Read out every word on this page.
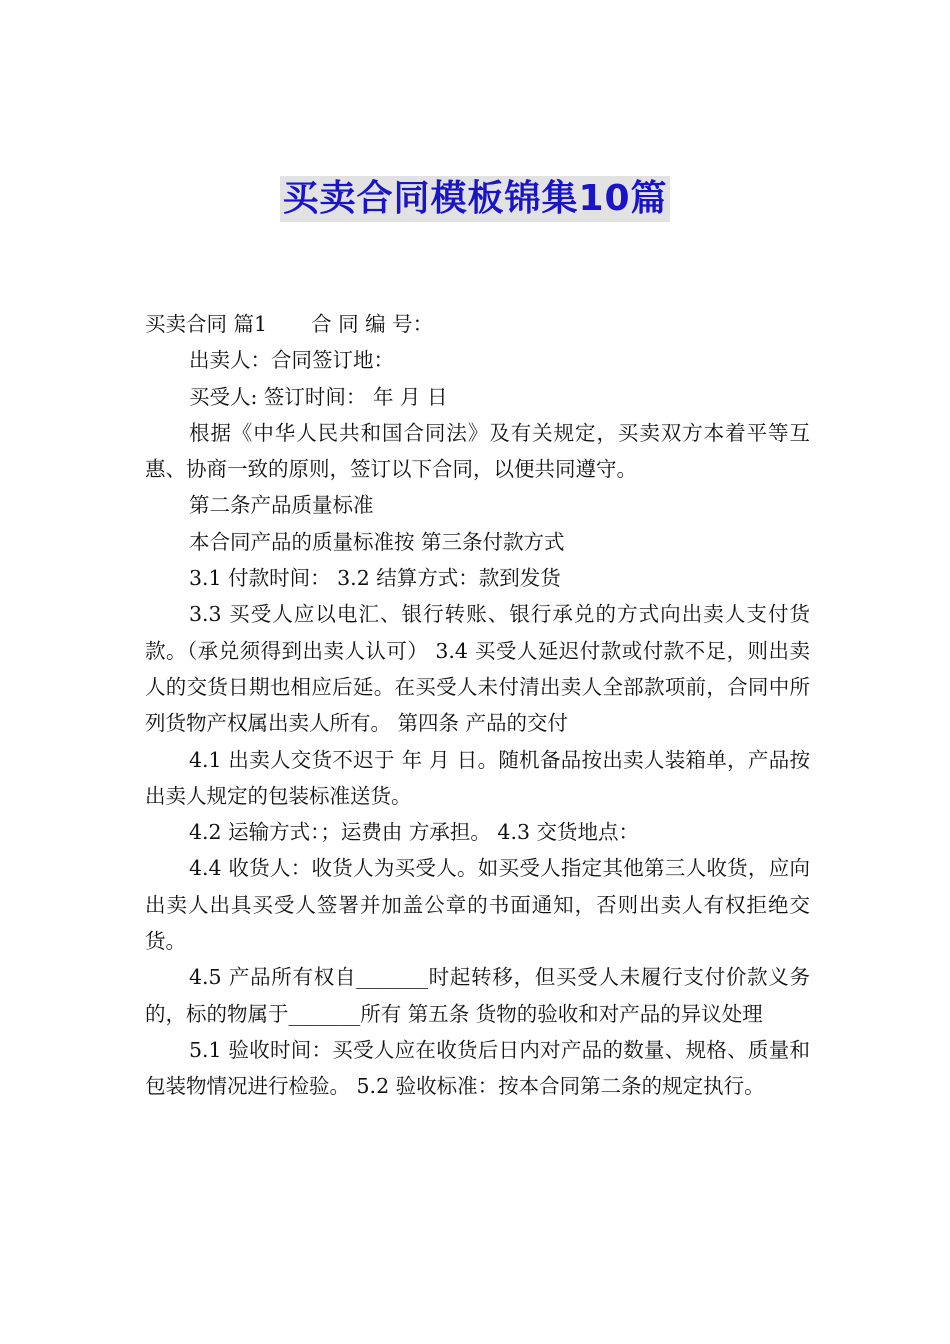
买卖合同模板锦集10篇

买卖合同 篇1 合 同 编 号：

出卖人：合同签订地：

买受人: 签订时间： 年 月 日

根据《中华人民共和国合同法》及有关规定，买卖双方本着平等互惠、协商一致的原则，签订以下合同，以便共同遵守。

第二条产品质量标准

本合同产品的质量标准按 第三条付款方式

3.1 付款时间： 3.2 结算方式：款到发货

3.3 买受人应以电汇、银行转账、银行承兑的方式向出卖人支付货款。（承兑须得到出卖人认可） 3.4 买受人延迟付款或付款不足，则出卖人的交货日期也相应后延。在买受人未付清出卖人全部款项前，合同中所列货物产权属出卖人所有。 第四条 产品的交付

4.1 出卖人交货不迟于 年 月 日。随机备品按出卖人装箱单，产品按出卖人规定的包装标准送货。

4.2 运输方式：；运费由 方承担。 4.3 交货地点：

4.4 收货人：收货人为买受人。如买受人指定其他第三人收货，应向出卖人出具买受人签署并加盖公章的书面通知，否则出卖人有权拒绝交货。

4.5 产品所有权自_______时起转移，但买受人未履行支付价款义务的，标的物属于_______所有 第五条 货物的验收和对产品的异议处理

5.1 验收时间：买受人应在收货后日内对产品的数量、规格、质量和包装物情况进行检验。 5.2 验收标准：按本合同第二条的规定执行。
